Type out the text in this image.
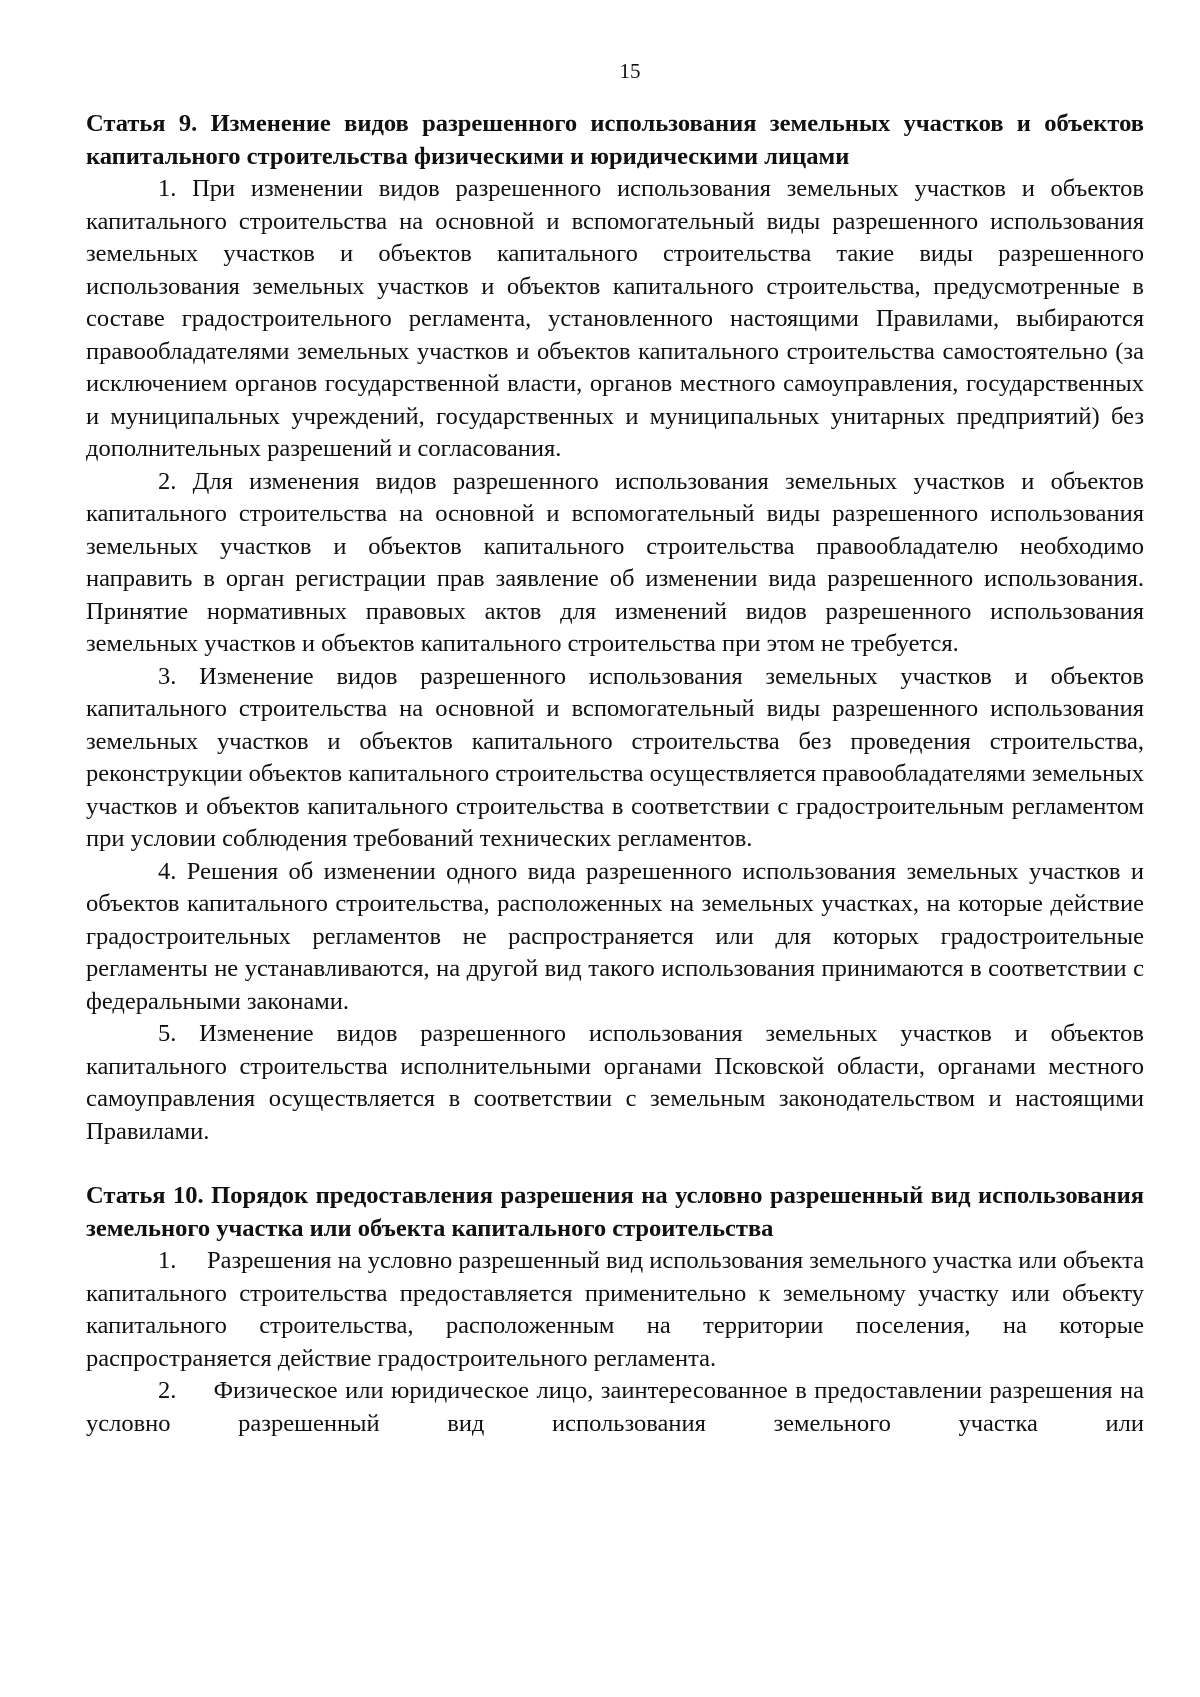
15
Статья 9. Изменение видов разрешенного использования земельных участков и объектов капитального строительства физическими и юридическими лицами

1. При изменении видов разрешенного использования земельных участков и объектов капитального строительства на основной и вспомогательный виды разрешенного использования земельных участков и объектов капитального строительства такие виды разрешенного использования земельных участков и объектов капитального строительства, предусмотренные в составе градостроительного регламента, установленного настоящими Правилами, выбираются правообладателями земельных участков и объектов капитального строительства самостоятельно (за исключением органов государственной власти, органов местного самоуправления, государственных и муниципальных учреждений, государственных и муниципальных унитарных предприятий) без дополнительных разрешений и согласования.

2. Для изменения видов разрешенного использования земельных участков и объектов капитального строительства на основной и вспомогательный виды разрешенного использования земельных участков и объектов капитального строительства правообладателю необходимо направить в орган регистрации прав заявление об изменении вида разрешенного использования. Принятие нормативных правовых актов для изменений видов разрешенного использования земельных участков и объектов капитального строительства при этом не требуется.

3. Изменение видов разрешенного использования земельных участков и объектов капитального строительства на основной и вспомогательный виды разрешенного использования земельных участков и объектов капитального строительства без проведения строительства, реконструкции объектов капитального строительства осуществляется правообладателями земельных участков и объектов капитального строительства в соответствии с градостроительным регламентом при условии соблюдения требований технических регламентов.

4. Решения об изменении одного вида разрешенного использования земельных участков и объектов капитального строительства, расположенных на земельных участках, на которые действие градостроительных регламентов не распространяется или для которых градостроительные регламенты не устанавливаются, на другой вид такого использования принимаются в соответствии с федеральными законами.

5. Изменение видов разрешенного использования земельных участков и объектов капитального строительства исполнительными органами Псковской области, органами местного самоуправления осуществляется в соответствии с земельным законодательством и настоящими Правилами.

Статья 10. Порядок предоставления разрешения на условно разрешенный вид использования земельного участка или объекта капитального строительства

1.     Разрешения на условно разрешенный вид использования земельного участка или объекта капитального строительства предоставляется применительно к земельному участку или объекту капитального строительства, расположенным на территории поселения, на которые распространяется действие градостроительного регламента.

2.     Физическое или юридическое лицо, заинтересованное в предоставлении разрешения на условно разрешенный вид использования земельного участка или
